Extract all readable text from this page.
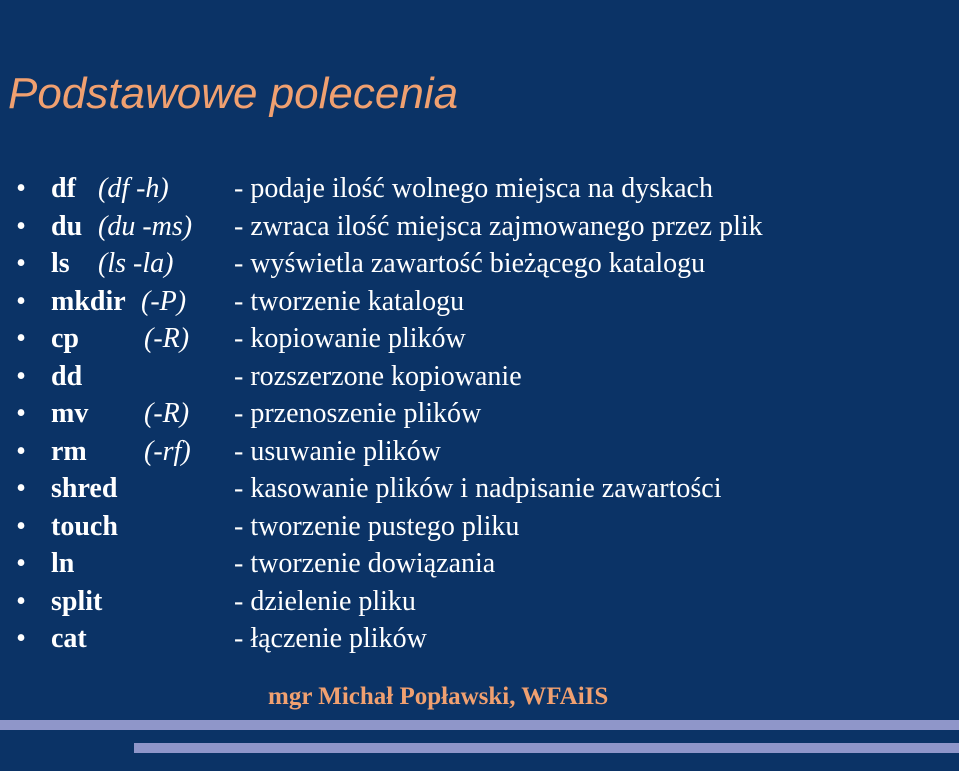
Podstawowe polecenia
• df (df -h) - podaje ilość wolnego miejsca na dyskach
• du (du -ms) - zwraca ilość miejsca zajmowanego przez plik
• ls (ls -la) - wyświetla zawartość bieżącego katalogu
• mkdir (-P) - tworzenie katalogu
• cp (-R) - kopiowanie plików
• dd	- rozszerzone kopiowanie
• mv (-R) - przenoszenie plików
• rm (-rf) - usuwanie plików
• shred	- kasowanie plików i nadpisanie zawartości
• touch	- tworzenie pustego pliku
• ln	- tworzenie dowiązania
• split	- dzielenie pliku
• cat	- łączenie plików

mgr Michał Popławski, WFAiIS
